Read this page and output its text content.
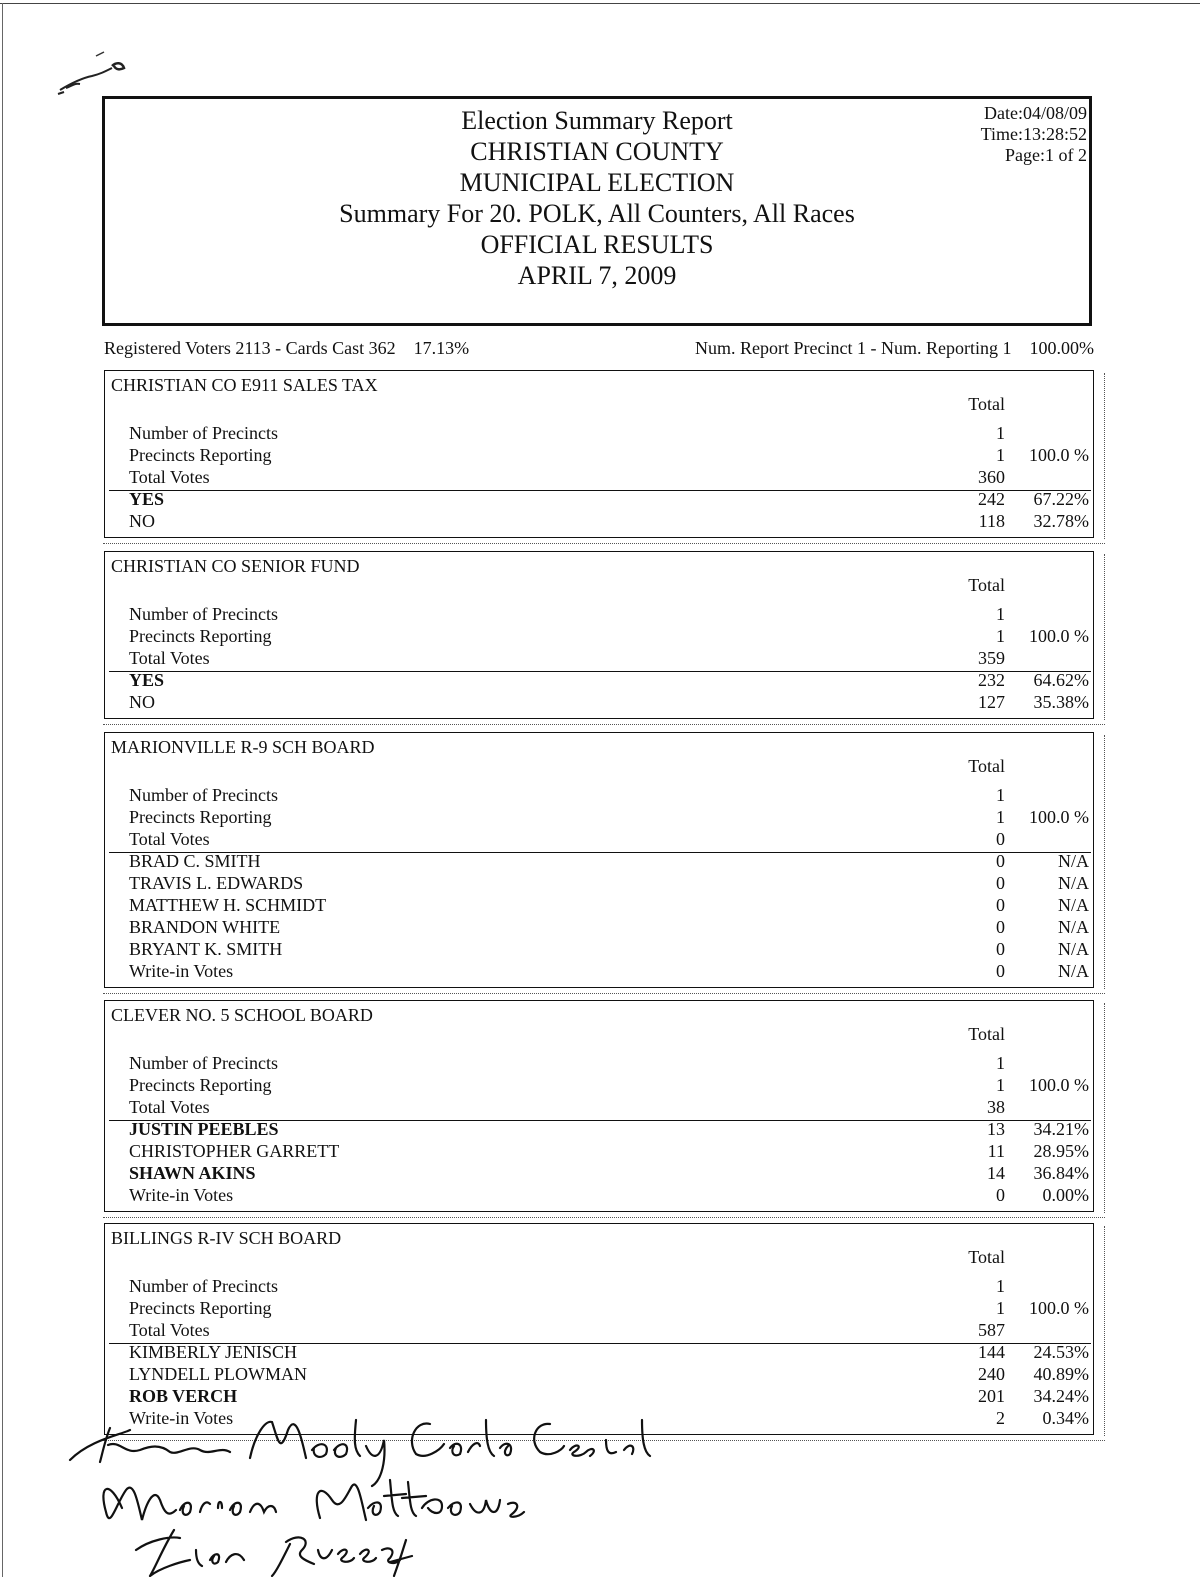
Election Summary Report
CHRISTIAN COUNTY
MUNICIPAL ELECTION
Summary For 20. POLK, All Counters, All Races
OFFICIAL RESULTS
APRIL 7, 2009
Date:04/08/09
Time:13:28:52
Page:1 of 2
Registered Voters 2113 - Cards Cast 362    17.13%	Num. Report Precinct 1 - Num. Reporting 1    100.00%
CHRISTIAN CO E911 SALES TAX
Total
Number of Precincts	1
Precincts Reporting	1 100.0 %
Total Votes	360
YES	242 67.22%
NO	118 32.78%
CHRISTIAN CO SENIOR FUND
Total
Number of Precincts	1
Precincts Reporting	1 100.0 %
Total Votes	359
YES	232 64.62%
NO	127 35.38%
MARIONVILLE R-9 SCH BOARD
Total
Number of Precincts	1
Precincts Reporting	1 100.0 %
Total Votes	0
BRAD C. SMITH	0	N/A
TRAVIS L. EDWARDS	0	N/A
MATTHEW H. SCHMIDT	0	N/A
BRANDON WHITE	0	N/A
BRYANT K. SMITH	0	N/A
Write-in Votes	0	N/A
CLEVER NO. 5 SCHOOL BOARD
Total
Number of Precincts	1
Precincts Reporting	1 100.0 %
Total Votes	38
JUSTIN PEEBLES	13 34.21%
CHRISTOPHER GARRETT	11 28.95%
SHAWN AKINS	14 36.84%
Write-in Votes	0 0.00%
BILLINGS R-IV SCH BOARD
Total
Number of Precincts	1
Precincts Reporting	1 100.0 %
Total Votes	587
KIMBERLY JENISCH	144 24.53%
LYNDELL PLOWMAN	240 40.89%
ROB VERCH	201 34.24%
Write-in Votes	2 0.34%
